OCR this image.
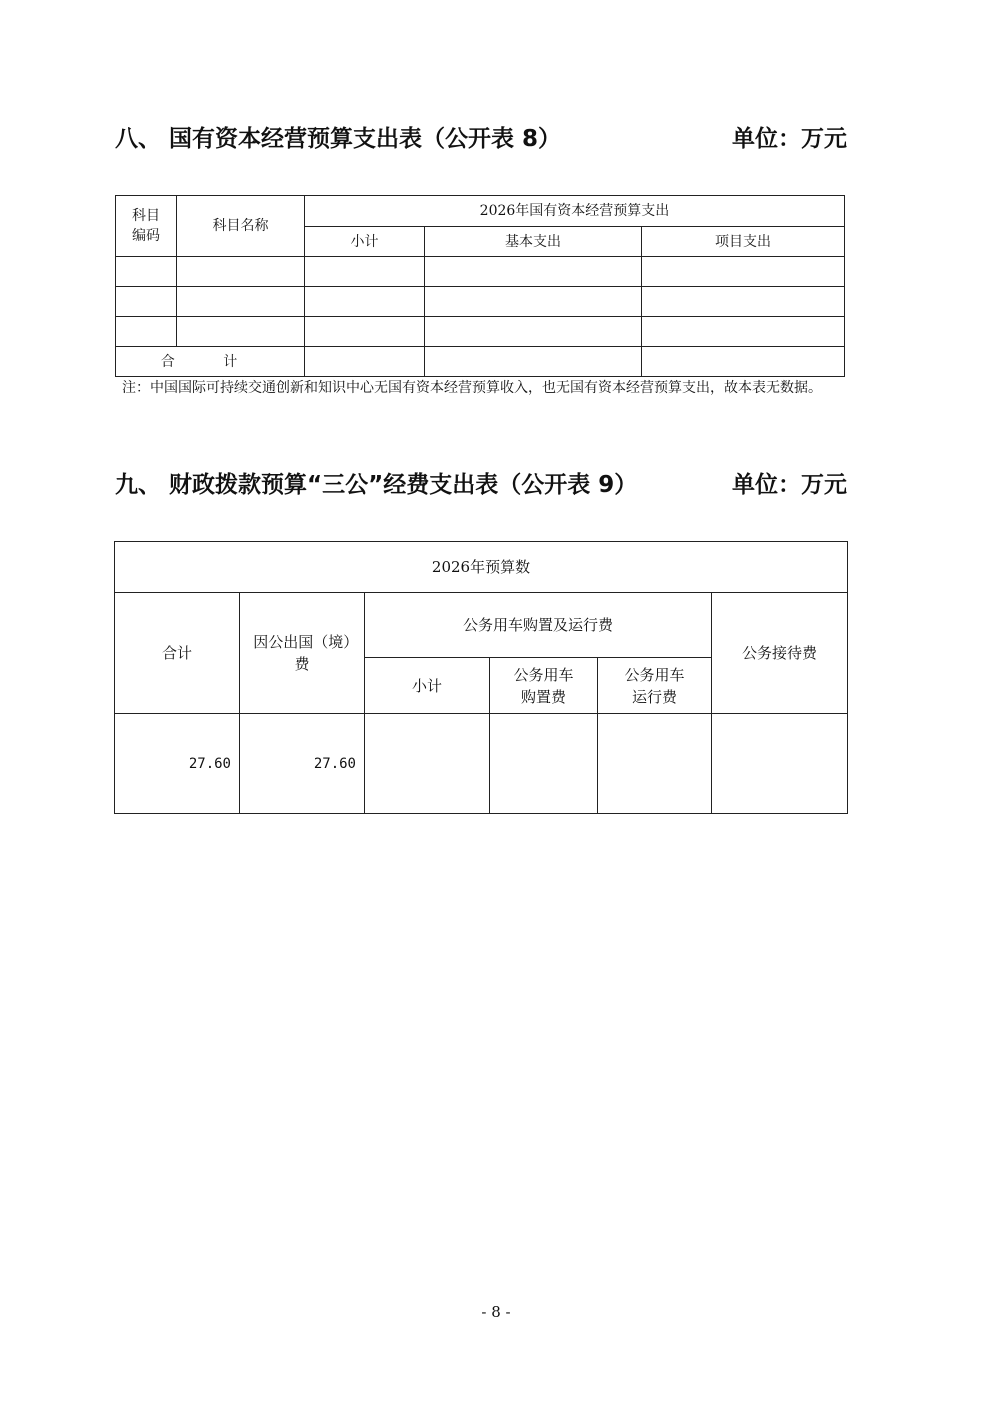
八、 国有资本经营预算支出表（公开表 8）	单位：万元
科目编码	科目名称	2026年国有资本经营预算支出		
		小计	基本支出	项目支出

合 计				
注：中国国际可持续交通创新和知识中心无国有资本经营预算收入，也无国有资本经营预算支出，故本表无数据。
九、 财政拨款预算“三公”经费支出表（公开表 9）	单位：万元
2026年预算数					
合计	因公出国（境）费	公务用车购置及运行费			公务接待费
		小计	公务用车购置费	公务用车运行费	

27.60	27.60				
- 8 -
